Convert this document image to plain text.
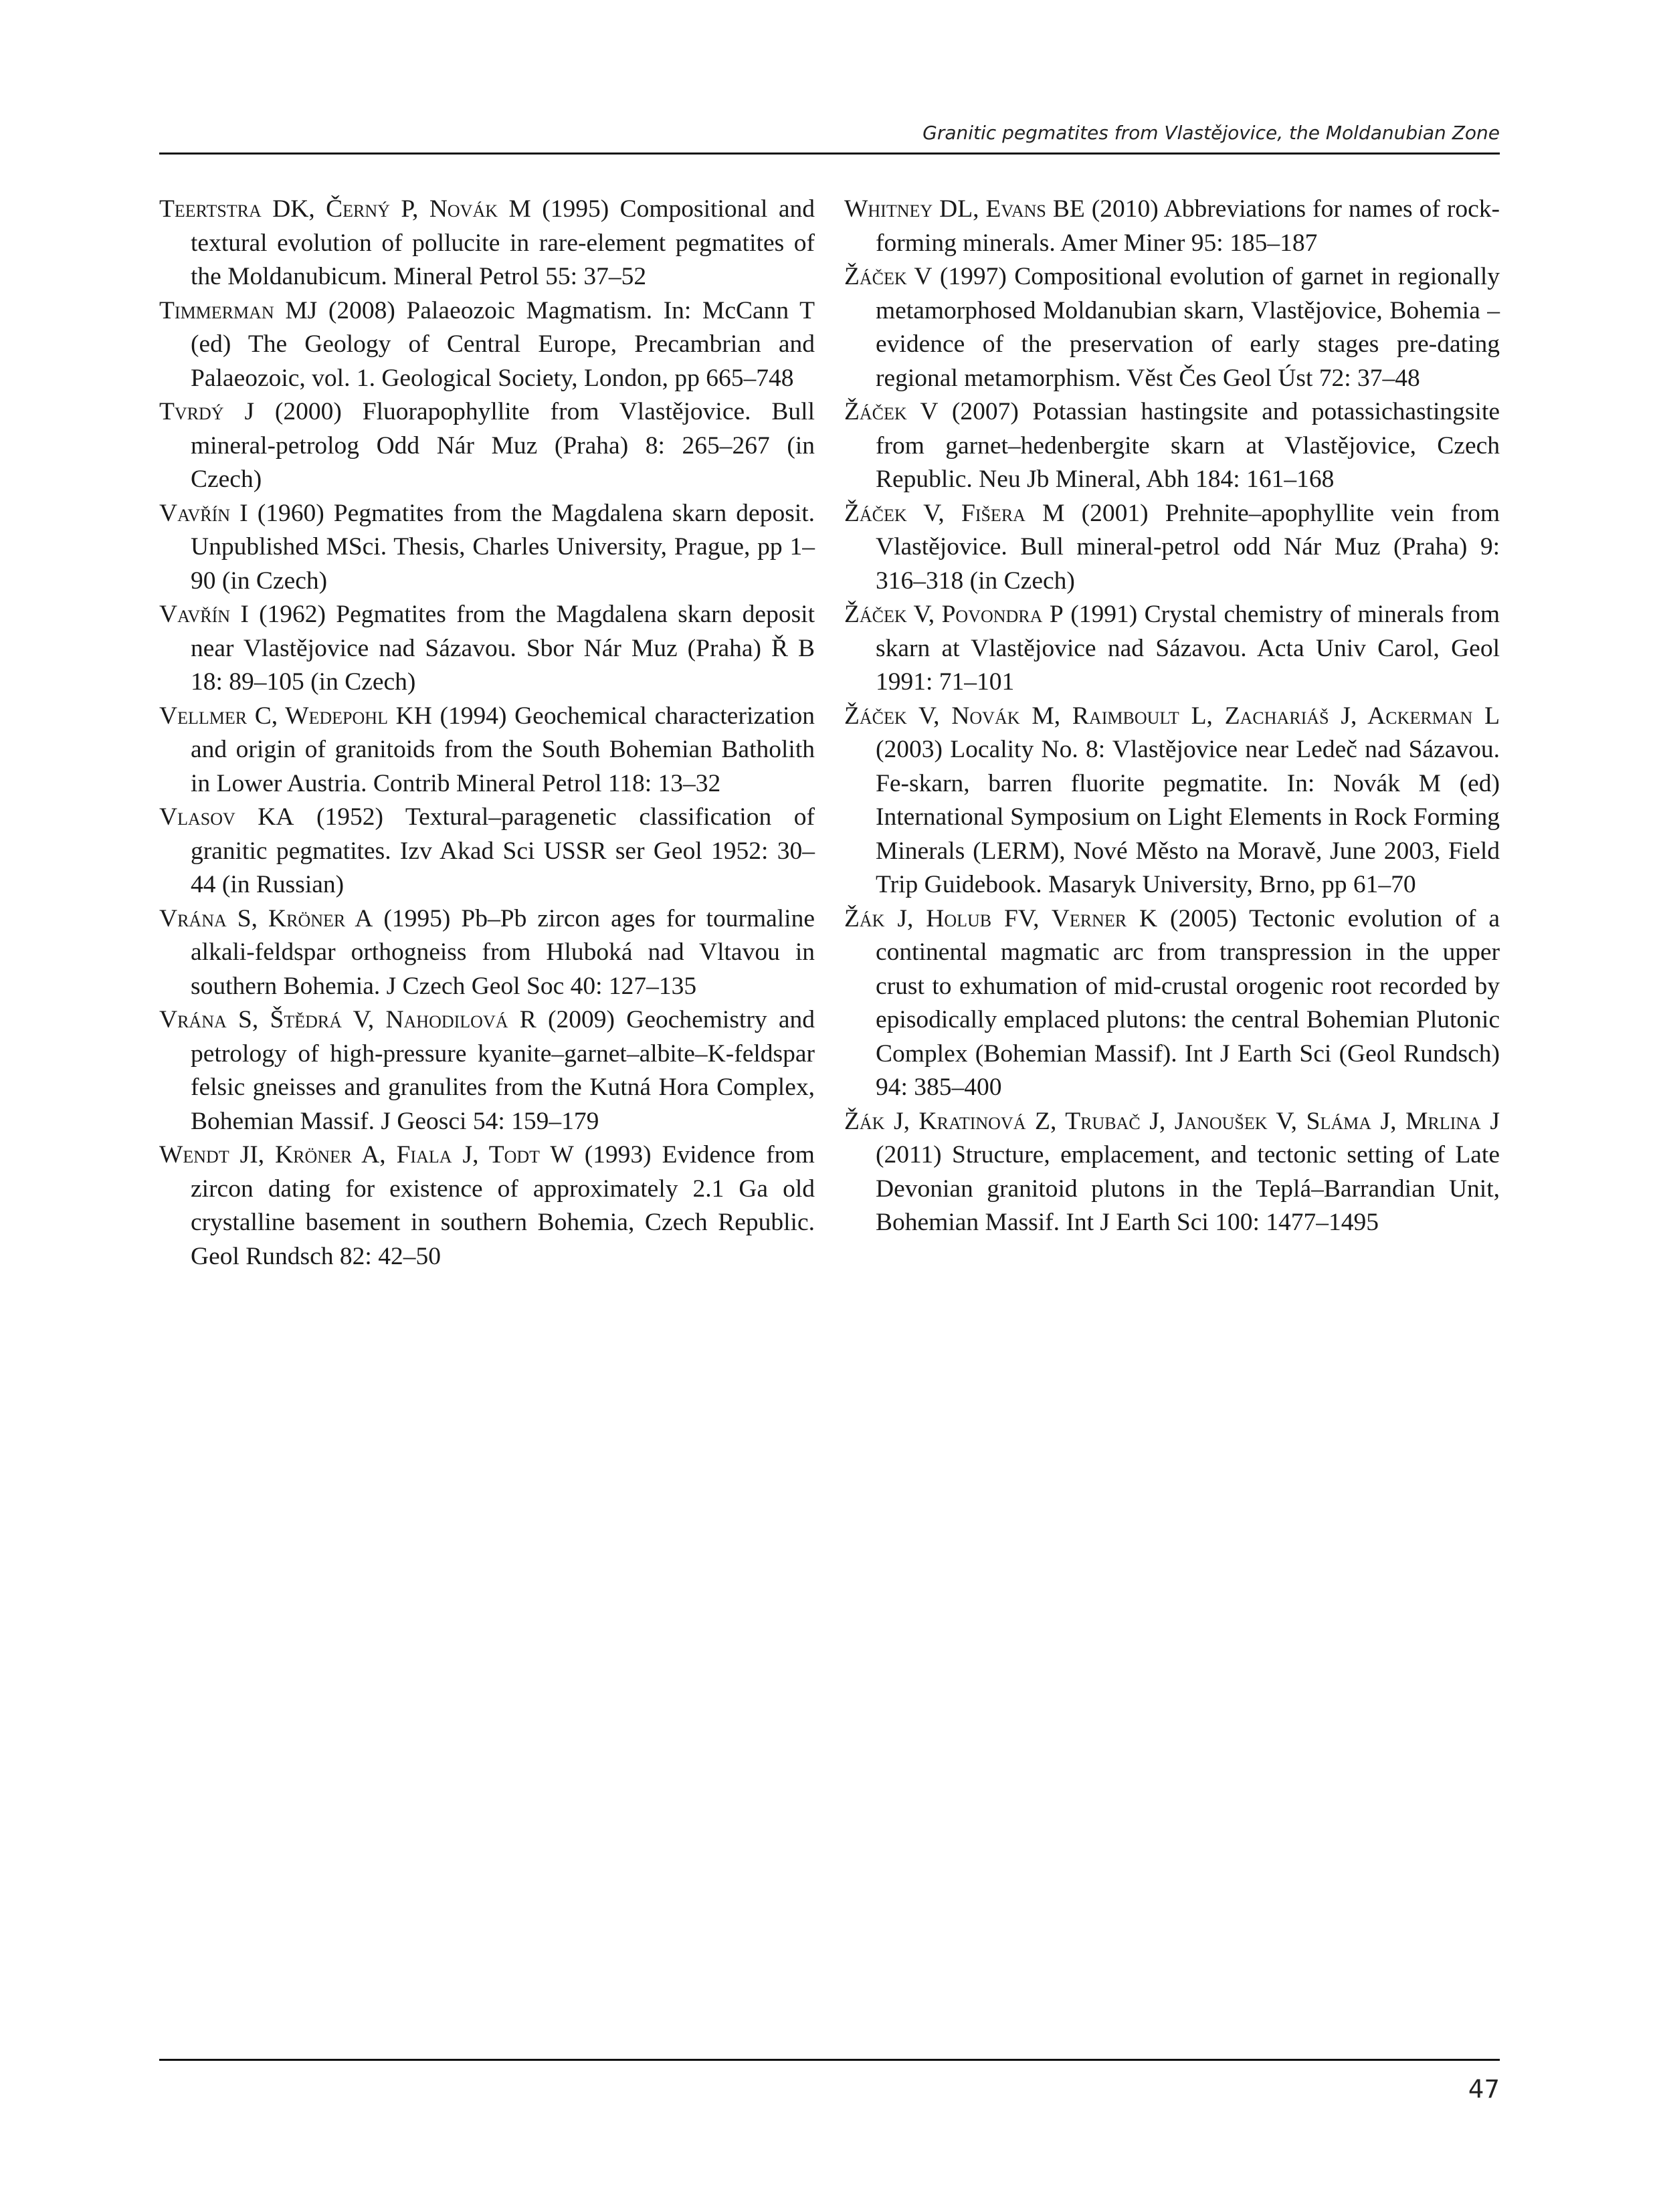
Granitic pegmatites from Vlastějovice, the Moldanubian Zone

Teertstra DK, Černý P, Novák M (1995) Compositional and textural evolution of pollucite in rare-element pegmatites of the Moldanubicum. Mineral Petrol 55: 37–52

Timmerman MJ (2008) Palaeozoic Magmatism. In: McCann T (ed) The Geology of Central Europe, Precambrian and Palaeozoic, vol. 1. Geological Society, London, pp 665–748

Tvrdý J (2000) Fluorapophyllite from Vlastějovice. Bull mineral-petrolog Odd Nár Muz (Praha) 8: 265–267 (in Czech)

Vavřín I (1960) Pegmatites from the Magdalena skarn deposit. Unpublished MSci. Thesis, Charles University, Prague, pp 1–90 (in Czech)

Vavřín I (1962) Pegmatites from the Magdalena skarn deposit near Vlastějovice nad Sázavou. Sbor Nár Muz (Praha) Ř B 18: 89–105 (in Czech)

Vellmer C, Wedepohl KH (1994) Geochemical characterization and origin of granitoids from the South Bohemian Batholith in Lower Austria. Contrib Mineral Petrol 118: 13–32

Vlasov KA (1952) Textural–paragenetic classification of granitic pegmatites. Izv Akad Sci USSR ser Geol 1952: 30–44 (in Russian)

Vrána S, Kröner A (1995) Pb–Pb zircon ages for tourmaline alkali-feldspar orthogneiss from Hluboká nad Vltavou in southern Bohemia. J Czech Geol Soc 40: 127–135

Vrána S, Štědrá V, Nahodilová R (2009) Geochemistry and petrology of high-pressure kyanite–garnet–albite–K-feldspar felsic gneisses and granulites from the Kutná Hora Complex, Bohemian Massif. J Geosci 54: 159–179

Wendt JI, Kröner A, Fiala J, Todt W (1993) Evidence from zircon dating for existence of approximately 2.1 Ga old crystalline basement in southern Bohemia, Czech Republic. Geol Rundsch 82: 42–50

Whitney DL, Evans BE (2010) Abbreviations for names of rock-forming minerals. Amer Miner 95: 185–187

Žáček V (1997) Compositional evolution of garnet in regionally metamorphosed Moldanubian skarn, Vlastějovice, Bohemia – evidence of the preservation of early stages pre-dating regional metamorphism. Věst Čes Geol Úst 72: 37–48

Žáček V (2007) Potassian hastingsite and potassichastingsite from garnet–hedenbergite skarn at Vlastějovice, Czech Republic. Neu Jb Mineral, Abh 184: 161–168

Žáček V, Fišera M (2001) Prehnite–apophyllite vein from Vlastějovice. Bull mineral-petrol odd Nár Muz (Praha) 9: 316–318 (in Czech)

Žáček V, Povondra P (1991) Crystal chemistry of minerals from skarn at Vlastějovice nad Sázavou. Acta Univ Carol, Geol 1991: 71–101

Žáček V, Novák M, Raimboult L, Zachariáš J, Ackerman L (2003) Locality No. 8: Vlastějovice near Ledeč nad Sázavou. Fe-skarn, barren fluorite pegmatite. In: Novák M (ed) International Symposium on Light Elements in Rock Forming Minerals (LERM), Nové Město na Moravě, June 2003, Field Trip Guidebook. Masaryk University, Brno, pp 61–70

Žák J, Holub FV, Verner K (2005) Tectonic evolution of a continental magmatic arc from transpression in the upper crust to exhumation of mid-crustal orogenic root recorded by episodically emplaced plutons: the central Bohemian Plutonic Complex (Bohemian Massif). Int J Earth Sci (Geol Rundsch) 94: 385–400

Žák J, Kratinová Z, Trubač J, Janoušek V, Sláma J, Mrlina J (2011) Structure, emplacement, and tectonic setting of Late Devonian granitoid plutons in the Teplá–Barrandian Unit, Bohemian Massif. Int J Earth Sci 100: 1477–1495

47
